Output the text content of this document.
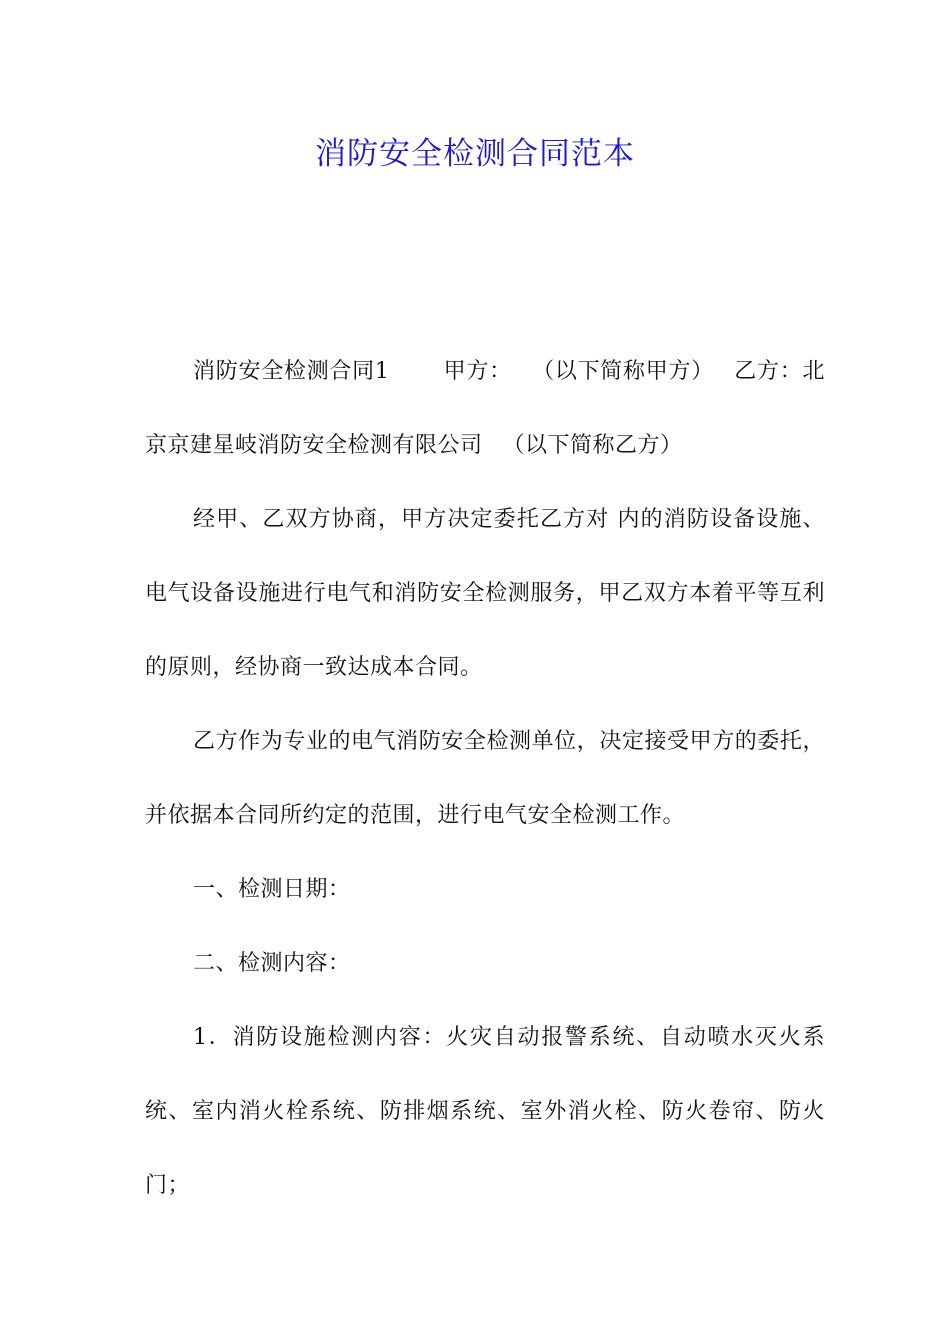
消防安全检测合同范本

消防安全检测合同1 甲方： （以下简称甲方） 乙方：北京京建星岐消防安全检测有限公司 （以下简称乙方）

经甲、乙双方协商，甲方决定委托乙方对 内的消防设备设施、电气设备设施进行电气和消防安全检测服务，甲乙双方本着平等互利的原则，经协商一致达成本合同。

乙方作为专业的电气消防安全检测单位，决定接受甲方的委托，并依据本合同所约定的范围，进行电气安全检测工作。

一、检测日期：

二、检测内容：

1．消防设施检测内容：火灾自动报警系统、自动喷水灭火系统、室内消火栓系统、防排烟系统、室外消火栓、防火卷帘、防火门；
